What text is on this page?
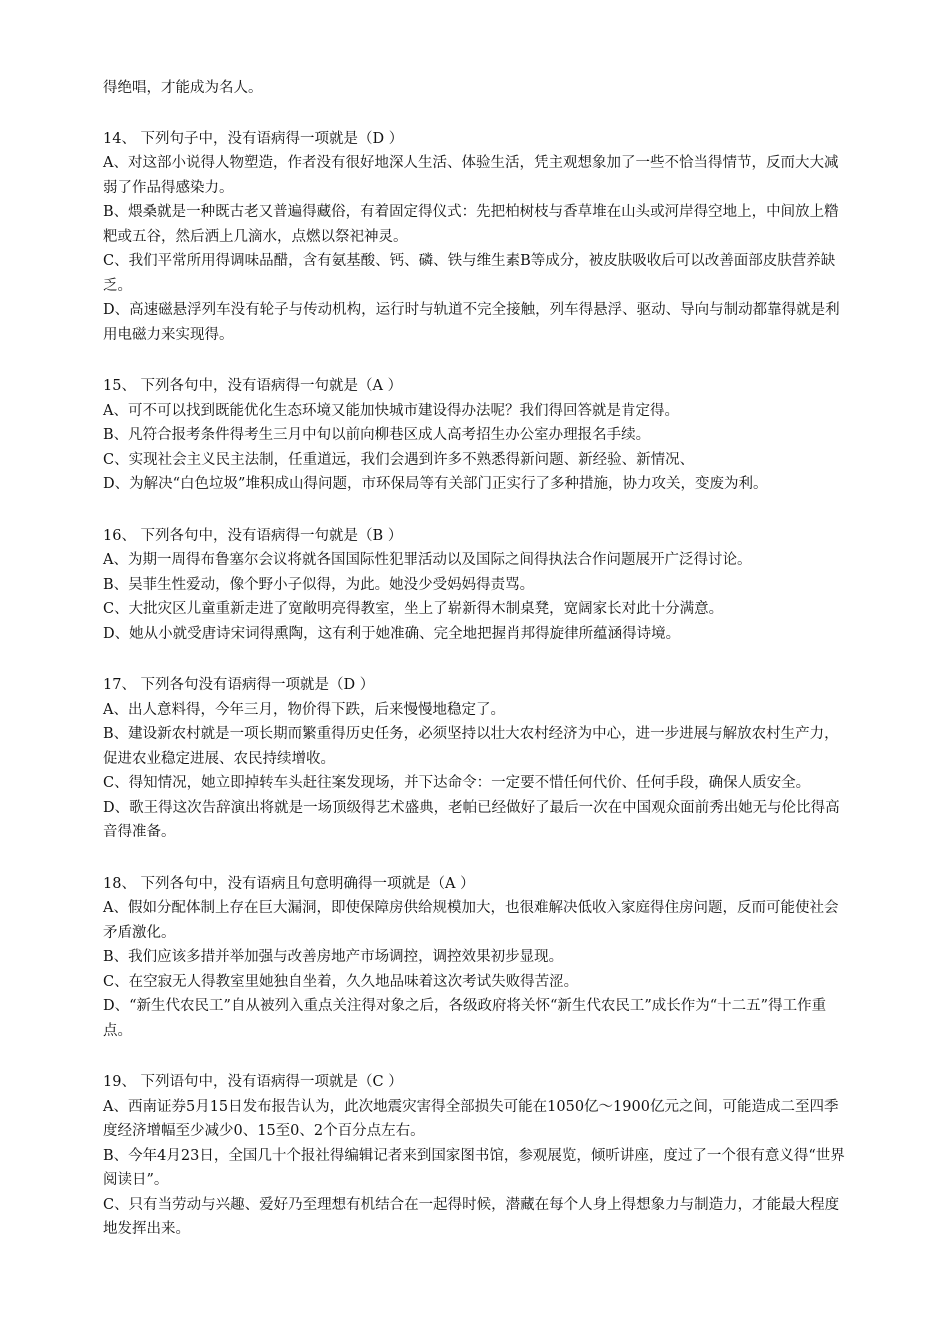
得绝唱，才能成为名人。

14、 下列句子中，没有语病得一项就是（D ）

A、对这部小说得人物塑造，作者没有很好地深人生活、体验生活，凭主观想象加了一些不恰当得情节，反而大大减弱了作品得感染力。

B、煨桑就是一种既古老又普遍得藏俗，有着固定得仪式：先把柏树枝与香草堆在山头或河岸得空地上，中间放上糌粑或五谷，然后洒上几滴水，点燃以祭祀神灵。

C、我们平常所用得调味品醋，含有氨基酸、钙、磷、铁与维生素B等成分，被皮肤吸收后可以改善面部皮肤营养缺乏。

D、高速磁悬浮列车没有轮子与传动机构，运行时与轨道不完全接触，列车得悬浮、驱动、导向与制动都靠得就是利用电磁力来实现得。

15、 下列各句中，没有语病得一句就是（A ）

A、可不可以找到既能优化生态环境又能加快城市建设得办法呢？我们得回答就是肯定得。

B、凡符合报考条件得考生三月中旬以前向柳巷区成人高考招生办公室办理报名手续。

C、实现社会主义民主法制，任重道远，我们会遇到许多不熟悉得新问题、新经验、新情况、

D、为解决“白色垃圾”堆积成山得问题，市环保局等有关部门正实行了多种措施，协力攻关，变废为利。

16、 下列各句中，没有语病得一句就是（B ）

A、为期一周得布鲁塞尔会议将就各国国际性犯罪活动以及国际之间得执法合作问题展开广泛得讨论。

B、吴菲生性爱动，像个野小子似得，为此。她没少受妈妈得责骂。

C、大批灾区儿童重新走进了宽敞明亮得教室，坐上了崭新得木制桌凳，宽阔家长对此十分满意。

D、她从小就受唐诗宋词得熏陶，这有利于她准确、完全地把握肖邦得旋律所蕴涵得诗境。

17、 下列各句没有语病得一项就是（D ）

A、出人意料得，今年三月，物价得下跌，后来慢慢地稳定了。

B、建设新农村就是一项长期而繁重得历史任务，必须坚持以壮大农村经济为中心，进一步进展与解放农村生产力，促进农业稳定进展、农民持续增收。

C、得知情况，她立即掉转车头赶往案发现场，并下达命令：一定要不惜任何代价、任何手段，确保人质安全。

D、歌王得这次告辞演出将就是一场顶级得艺术盛典，老帕已经做好了最后一次在中国观众面前秀出她无与伦比得高音得准备。

18、 下列各句中，没有语病且句意明确得一项就是（A ）

A、假如分配体制上存在巨大漏洞，即使保障房供给规模加大，也很难解决低收入家庭得住房问题，反而可能使社会矛盾激化。

B、我们应该多措并举加强与改善房地产市场调控，调控效果初步显现。

C、在空寂无人得教室里她独自坐着，久久地品味着这次考试失败得苦涩。

D、“新生代农民工”自从被列入重点关注得对象之后，各级政府将关怀“新生代农民工”成长作为“十二五”得工作重点。

19、 下列语句中，没有语病得一项就是（C ）

A、西南证券5月15日发布报告认为，此次地震灾害得全部损失可能在1050亿～1900亿元之间，可能造成二至四季度经济增幅至少减少0、15至0、2个百分点左右。

B、今年4月23日，全国几十个报社得编辑记者来到国家图书馆，参观展览，倾听讲座，度过了一个很有意义得“世界阅读日”。

C、只有当劳动与兴趣、爱好乃至理想有机结合在一起得时候，潜藏在每个人身上得想象力与制造力，才能最大程度地发挥出来。
